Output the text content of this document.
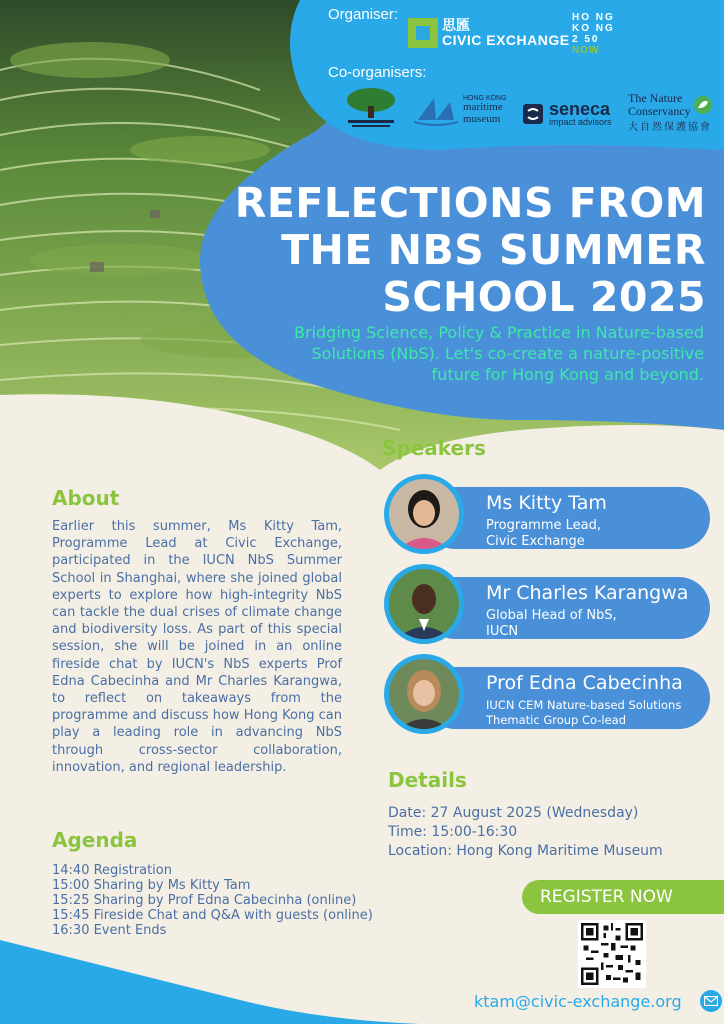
Organiser:
思匯
CIVIC EXCHANGE
HO NG
KO NG
2 50
NOW
Co-organisers:
HONG KONG
maritime
museum	seneca
impact advisors
The Nature
Conservancy
大自然保護協會
REFLECTIONS FROM
THE NBS SUMMER
SCHOOL 2025
Bridging Science, Policy & Practice in Nature-based Solutions (NbS). Let's co-create a nature-positive future for Hong Kong and beyond.
About
Earlier this summer, Ms Kitty Tam, Programme Lead at Civic Exchange, participated in the IUCN NbS Summer School in Shanghai, where she joined global experts to explore how high-integrity NbS can tackle the dual crises of climate change and biodiversity loss. As part of this special session, she will be joined in an online fireside chat by IUCN's NbS experts Prof Edna Cabecinha and Mr Charles Karangwa, to reflect on takeaways from the programme and discuss how Hong Kong can play a leading role in advancing NbS through cross-sector collaboration, innovation, and regional leadership.
Agenda
14:40 Registration
15:00 Sharing by Ms Kitty Tam
15:25 Sharing by Prof Edna Cabecinha (online)
15:45 Fireside Chat and Q&A with guests (online)
16:30 Event Ends
Speakers
Ms Kitty Tam
Programme Lead,
Civic Exchange
Mr Charles Karangwa
Global Head of NbS,
IUCN
Prof Edna Cabecinha
IUCN CEM Nature-based Solutions
Thematic Group Co-lead
Details
Date: 27 August 2025 (Wednesday)
Time: 15:00-16:30
Location: Hong Kong Maritime Museum
REGISTER NOW
ktam@civic-exchange.org
